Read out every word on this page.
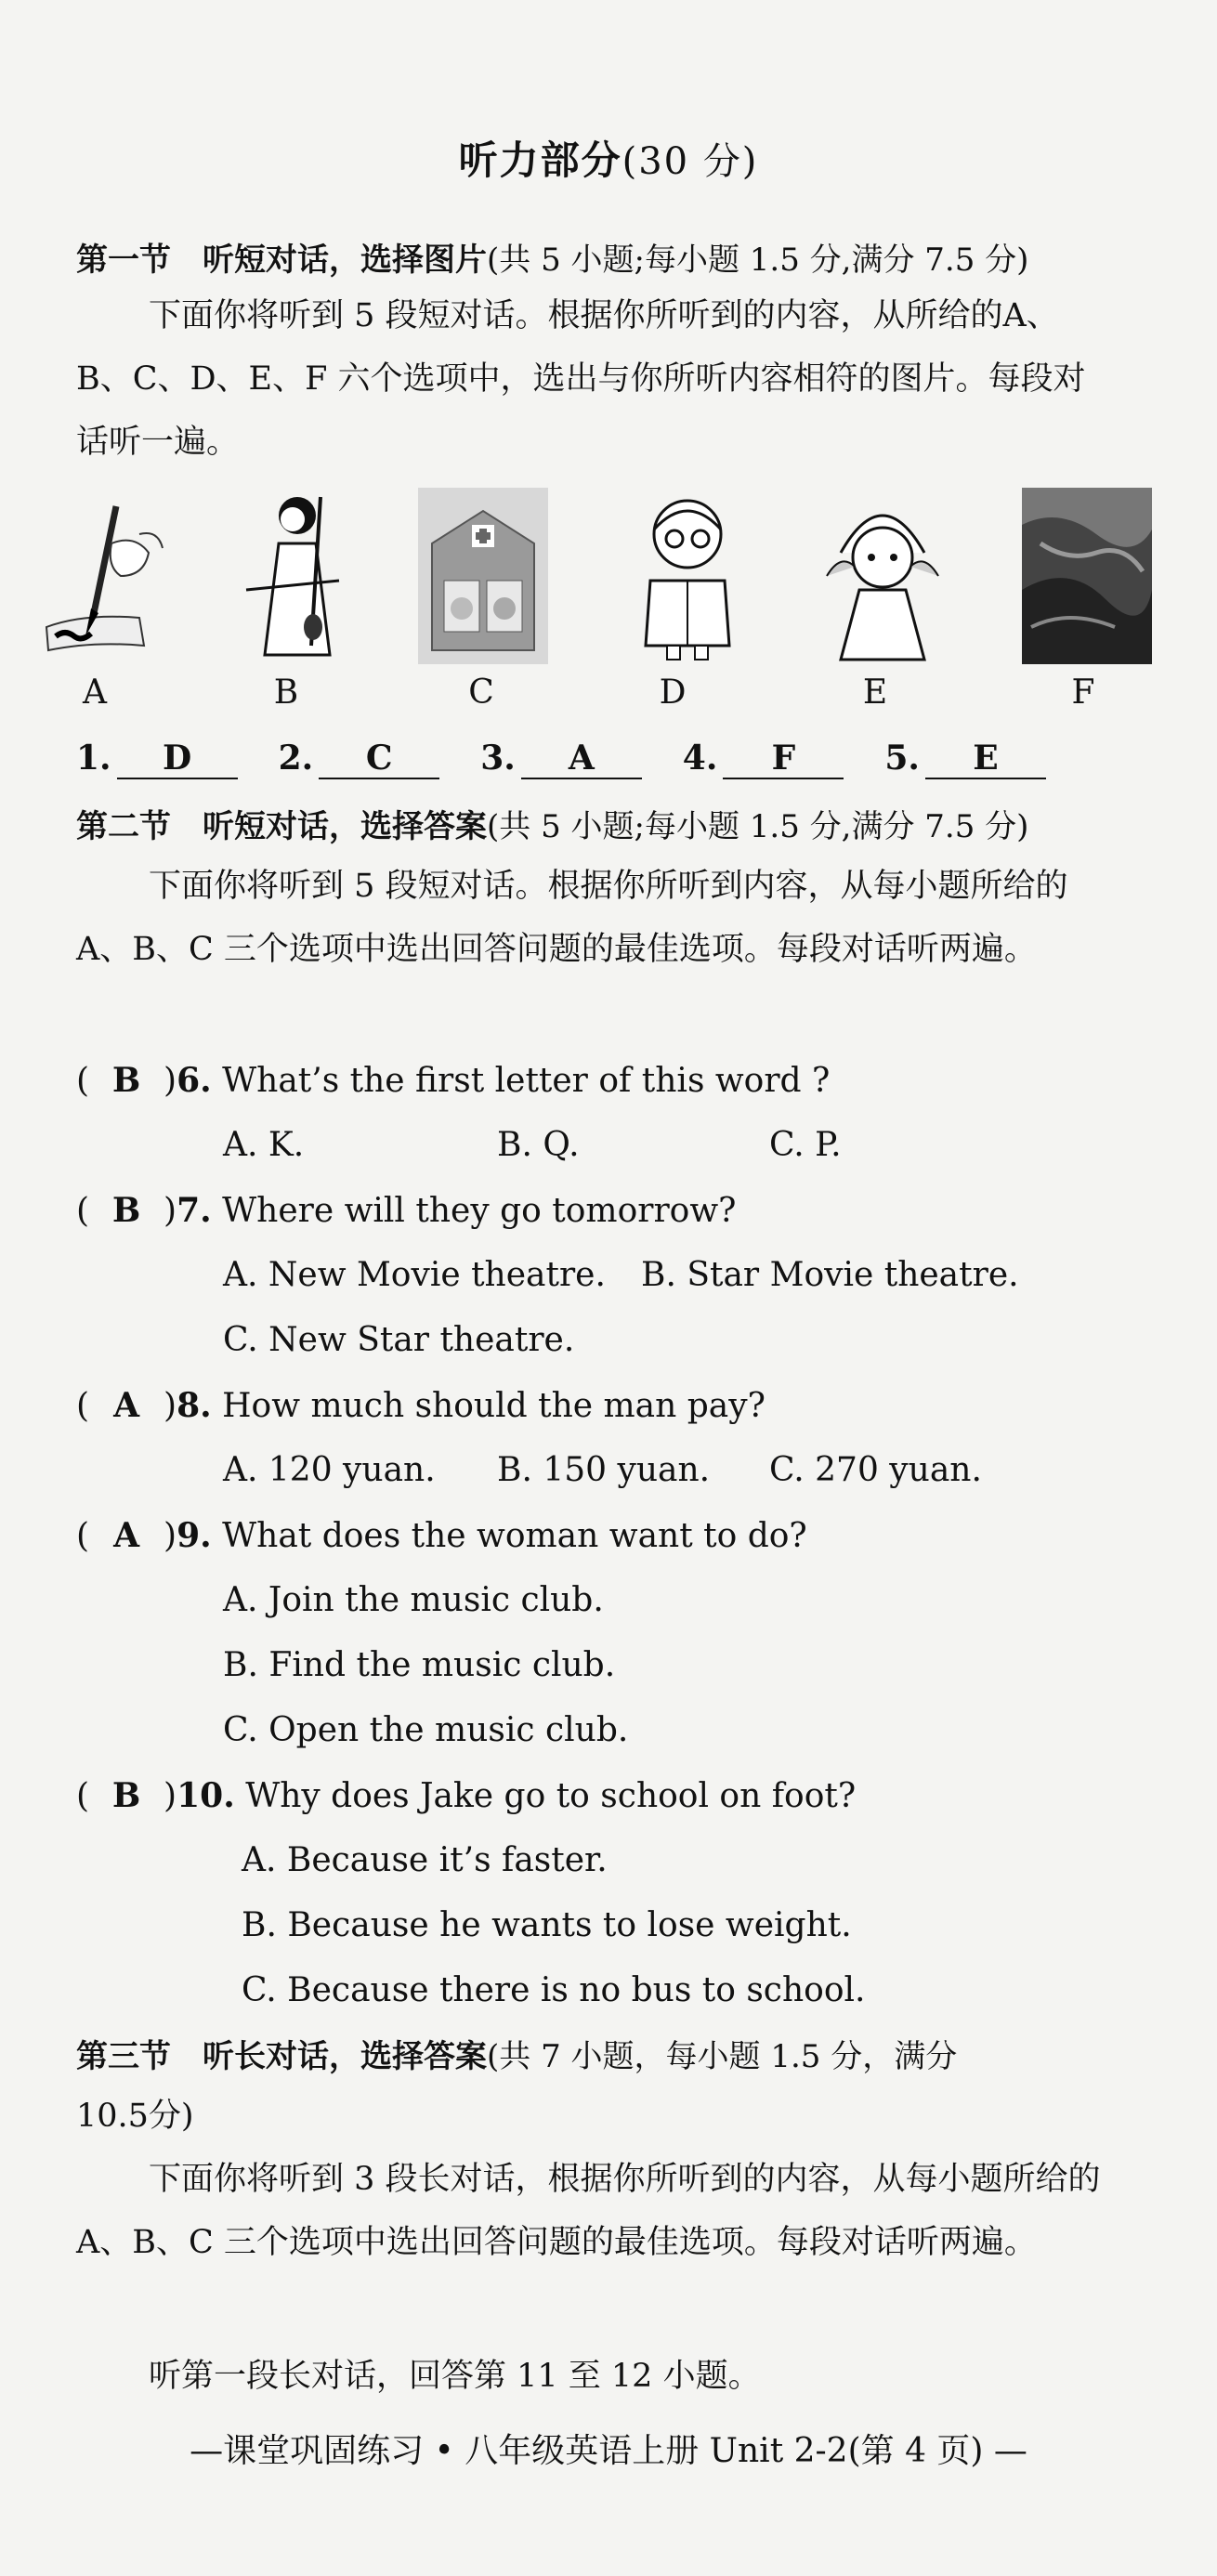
听力部分(30 分)
第一节 听短对话，选择图片(共 5 小题;每小题 1.5 分,满分 7.5 分)
下面你将听到 5 段短对话。根据你所听到的内容，从所给的A、B、C、D、E、F 六个选项中，选出与你所听内容相符的图片。每段对话听一遍。
A	B	C	D	E	F
1. D	2. C	3. A	4. F	5. E
第二节 听短对话，选择答案(共 5 小题;每小题 1.5 分,满分 7.5 分)
下面你将听到 5 段短对话。根据你所听到内容，从每小题所给的 A、B、C 三个选项中选出回答问题的最佳选项。每段对话听两遍。
( B )6. What’s the first letter of this word ?
A. K.	B. Q.	C. P.
( B )7. Where will they go tomorrow?
A. New Movie theatre. B. Star Movie theatre.
C. New Star theatre.
( A )8. How much should the man pay?
A. 120 yuan. B. 150 yuan. C. 270 yuan.
( A )9. What does the woman want to do?
A. Join the music club.
B. Find the music club.
C. Open the music club.
( B )10. Why does Jake go to school on foot?
A. Because it’s faster.
B. Because he wants to lose weight.
C. Because there is no bus to school.
第三节 听长对话，选择答案(共 7 小题，每小题 1.5 分，满分
10.5分)
下面你将听到 3 段长对话，根据你所听到的内容，从每小题所给的 A、B、C 三个选项中选出回答问题的最佳选项。每段对话听两遍。
听第一段长对话，回答第 11 至 12 小题。
—课堂巩固练习 • 八年级英语上册 Unit 2-2(第 4 页) —
